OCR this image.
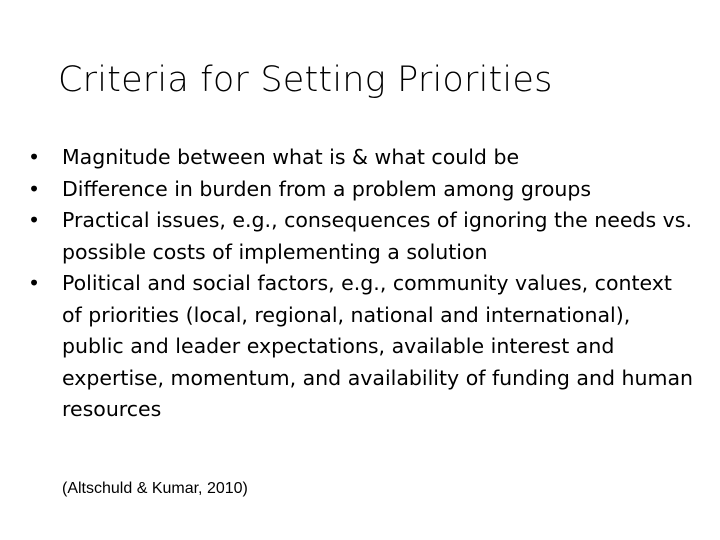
Criteria for Setting Priorities
•	Magnitude between what is & what could be
•	Difference in burden from a problem among groups
•	Practical issues, e.g., consequences of ignoring the needs vs. possible costs of implementing a solution
•	Political and social factors, e.g., community values, context of priorities (local, regional, national and international), public and leader expectations, available interest and expertise, momentum, and availability of funding and human resources
(Altschuld & Kumar, 2010)
